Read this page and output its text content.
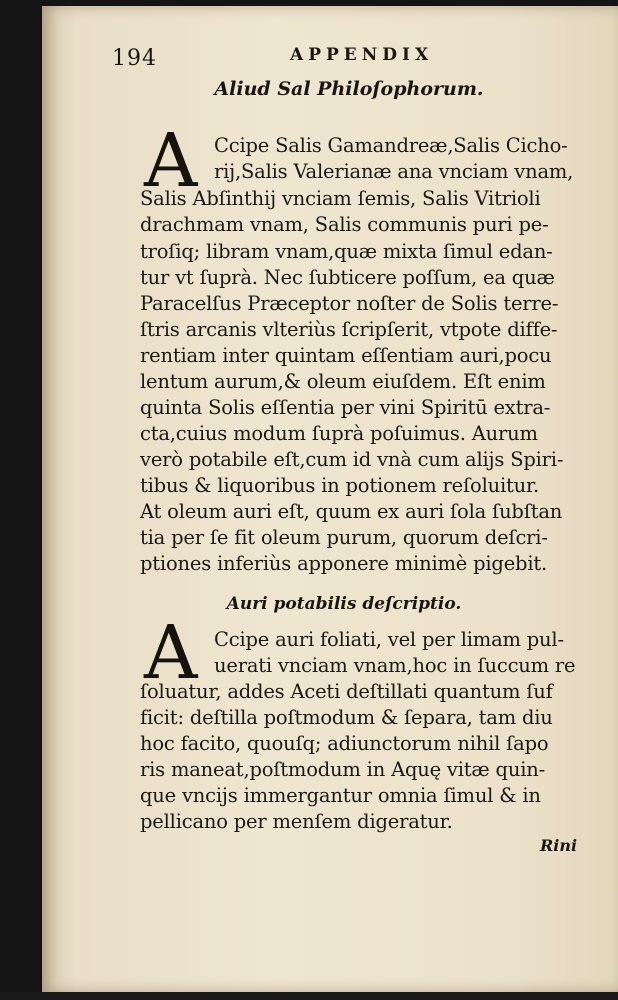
194	APPENDIX
Aliud Sal Philoſophorum.
A Ccipe Salis Gamandreæ,Salis Cicho-
rij,Salis Valerianæ ana vnciam vnam,
Salis Abſinthij vnciam ſemis, Salis Vitrioli
drachmam vnam, Salis communis puri pe-
troſiq; libram vnam,quæ mixta ſimul edan-
tur vt ſuprà. Nec ſubticere poſſum, ea quæ
Paracelſus Præceptor noſter de Solis terre-
ſtris arcanis vlteriùs ſcripſerit, vtpote diffe-
rentiam inter quintam eſſentiam auri,pocu
lentum aurum,& oleum eiuſdem. Eſt enim
quinta Solis eſſentia per vini Spiritū extra-
cta,cuius modum ſuprà poſuimus. Aurum
verò potabile eſt,cum id vnà cum alijs Spiri-
tibus & liquoribus in potionem reſoluitur.
At oleum auri eſt, quum ex auri ſola ſubſtan
tia per ſe fit oleum purum, quorum deſcri-
ptiones inferiùs apponere minimè pigebit.
Auri potabilis deſcriptio.
A Ccipe auri foliati, vel per limam pul-
uerati vnciam vnam,hoc in ſuccum re
ſoluatur, addes Aceti deſtillati quantum ſuf
ficit: deſtilla poſtmodum & ſepara, tam diu
hoc facito, quouſq; adiunctorum nihil ſapo
ris maneat,poſtmodum in Aquę vitæ quin-
que vncijs immergantur omnia ſimul & in
pellicano per menſem digeratur.
Rini
